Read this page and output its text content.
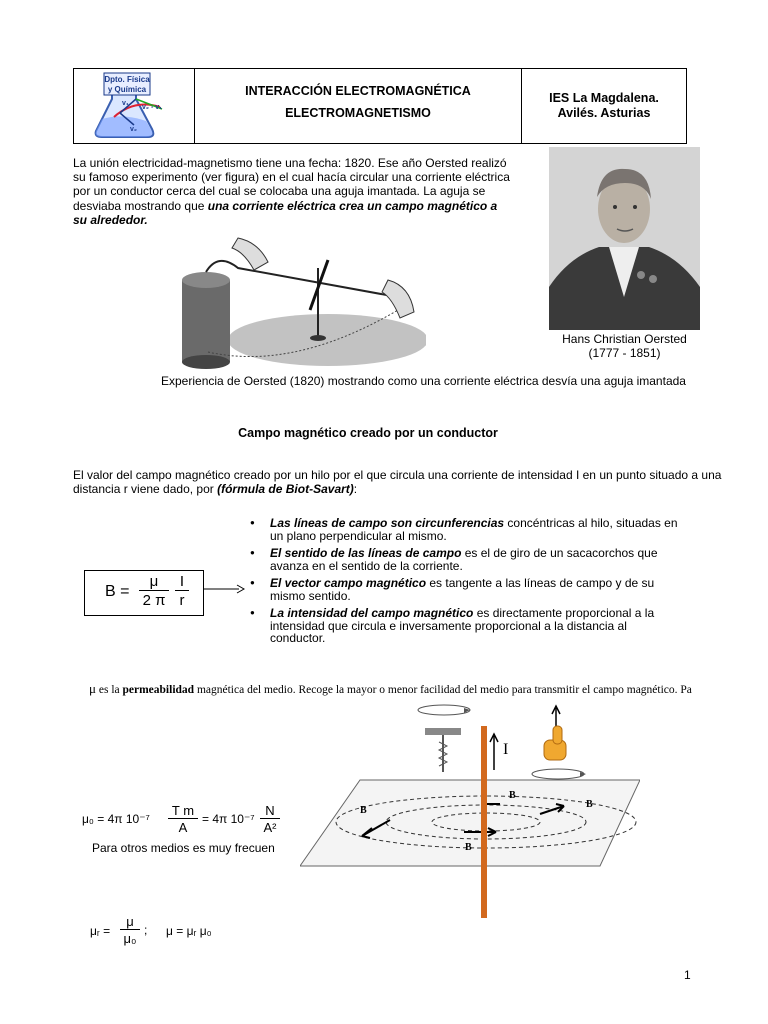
Dpto. Física
y Química
v₁
v₂ - v₁
v₂
INTERACCIÓN ELECTROMAGNÉTICA
ELECTROMAGNETISMO
IES La Magdalena.
Avilés. Asturias
La unión electricidad-magnetismo tiene una fecha: 1820. Ese año Oersted realizó su famoso experimento (ver figura) en el cual hacía circular una corriente eléctrica por un conductor cerca del cual se colocaba una aguja imantada. La aguja se desviaba mostrando que una corriente eléctrica crea un campo magnético a su alrededor.
Hans Christian Oersted
(1777 - 1851)
Experiencia de Oersted (1820) mostrando como una corriente eléctrica desvía una aguja imantada
Campo magnético creado por un conductor
El valor del campo magnético creado por un hilo por el que circula una corriente de intensidad I en un punto situado a una distancia r viene dado, por (fórmula de Biot-Savart):
B =
μ
2 π
I
r
● Las líneas de campo son circunferencias concéntricas al hilo, situadas en un plano perpendicular al mismo.
● El sentido de las líneas de campo es el de giro de un sacacorchos que avanza en el sentido de la corriente.
● El vector campo magnético es tangente a las líneas de campo y de su mismo sentido.
● La intensidad del campo magnético es directamente proporcional a la intensidad que circula e inversamente proporcional a la distancia al conductor.
μ es la permeabilidad magnética del medio. Recoge la mayor o menor facilidad del medio para transmitir el campo magnético. Pa
μ₀ = 4π 10⁻⁷
T m
A
= 4π 10⁻⁷
N
A²
Para otros medios es muy frecuen
μᵣ =
μ
μ₀
; μ = μᵣ μ₀
B
B
B
B
I
1
